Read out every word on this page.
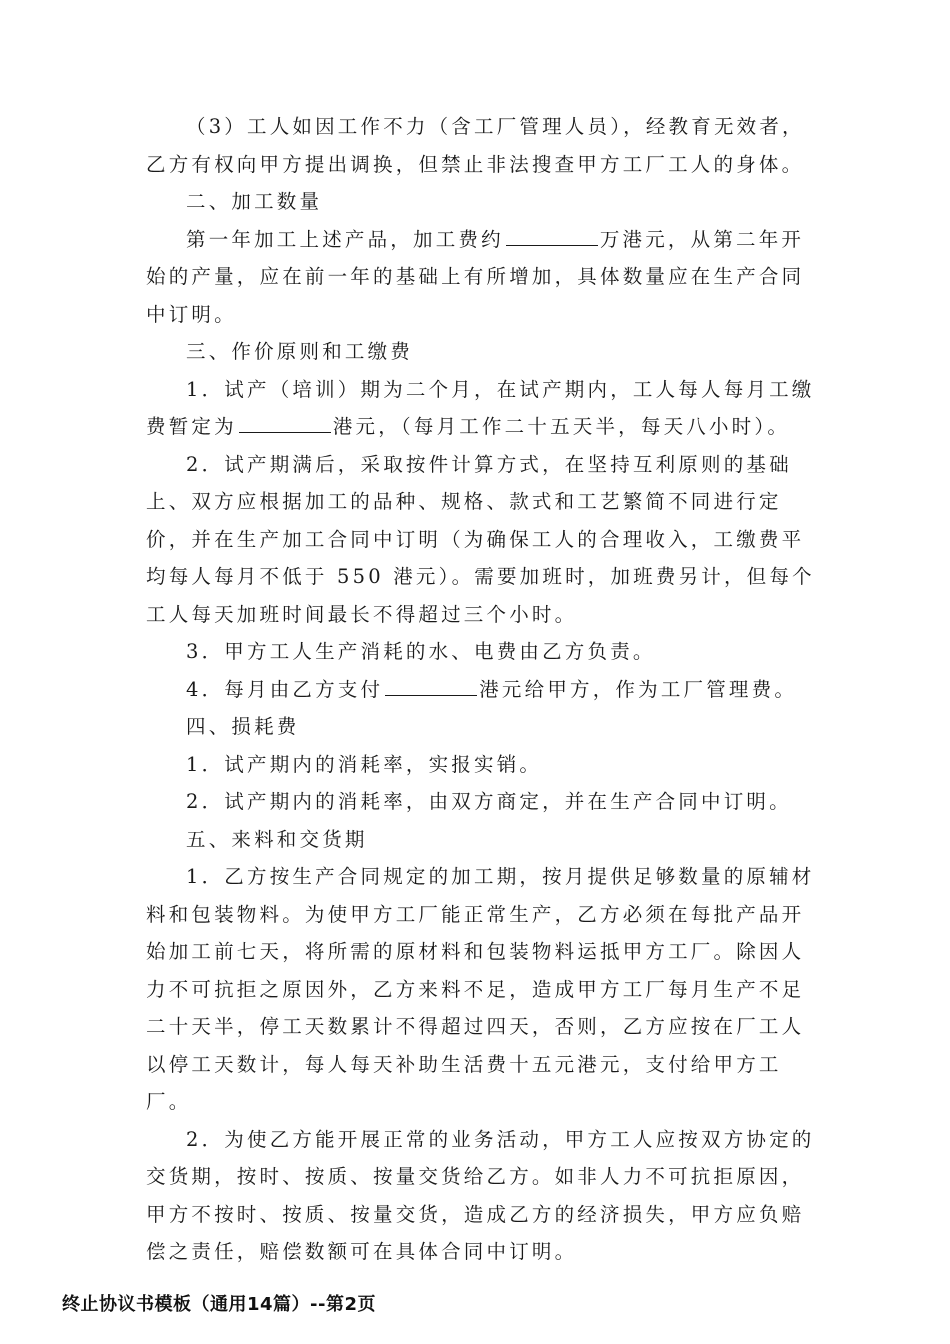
（3）工人如因工作不力（含工厂管理人员），经教育无效者，乙方有权向甲方提出调换，但禁止非法搜查甲方工厂工人的身体。

二、加工数量

第一年加工上述产品，加工费约	万港元，从第二年开始的产量，应在前一年的基础上有所增加，具体数量应在生产合同中订明。

三、作价原则和工缴费

1．试产（培训）期为二个月，在试产期内，工人每人每月工缴费暂定为	港元，（每月工作二十五天半，每天八小时）。

2．试产期满后，采取按件计算方式，在坚持互利原则的基础上、双方应根据加工的品种、规格、款式和工艺繁简不同进行定价，并在生产加工合同中订明（为确保工人的合理收入，工缴费平均每人每月不低于 550 港元）。需要加班时，加班费另计，但每个工人每天加班时间最长不得超过三个小时。

3．甲方工人生产消耗的水、电费由乙方负责。

4．每月由乙方支付	港元给甲方，作为工厂管理费。

四、损耗费

1．试产期内的消耗率，实报实销。

2．试产期内的消耗率，由双方商定，并在生产合同中订明。

五、来料和交货期

1．乙方按生产合同规定的加工期，按月提供足够数量的原辅材料和包装物料。为使甲方工厂能正常生产，乙方必须在每批产品开始加工前七天，将所需的原材料和包装物料运抵甲方工厂。除因人力不可抗拒之原因外，乙方来料不足，造成甲方工厂每月生产不足二十天半，停工天数累计不得超过四天，否则，乙方应按在厂工人以停工天数计，每人每天补助生活费十五元港元，支付给甲方工厂。

2．为使乙方能开展正常的业务活动，甲方工人应按双方协定的交货期，按时、按质、按量交货给乙方。如非人力不可抗拒原因，甲方不按时、按质、按量交货，造成乙方的经济损失，甲方应负赔偿之责任，赔偿数额可在具体合同中订明。

终止协议书模板（通用14篇）--第2页
